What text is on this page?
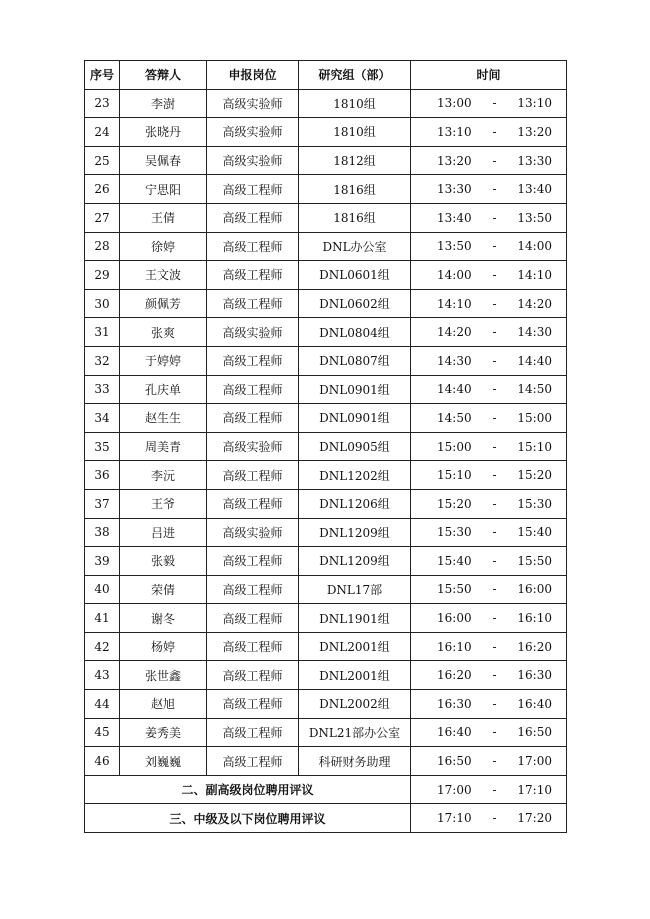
序号	答辩人	申报岗位	研究组（部）	时间
23	李澍	高级实验师	1810组	13:00 - 13:10

24	张晓丹	高级实验师	1810组	13:10 - 13:20

25	吴佩春	高级实验师	1812组	13:20 - 13:30

26	宁思阳	高级工程师	1816组	13:30 - 13:40

27	王倩	高级工程师	1816组	13:40 - 13:50

28	徐婷	高级工程师	DNL办公室	13:50 - 14:00

29	王文波	高级工程师	DNL0601组	14:00 - 14:10

30	颜佩芳	高级工程师	DNL0602组	14:10 - 14:20

31	张爽	高级实验师	DNL0804组	14:20 - 14:30

32	于婷婷	高级工程师	DNL0807组	14:30 - 14:40

33	孔庆单	高级工程师	DNL0901组	14:40 - 14:50

34	赵生生	高级工程师	DNL0901组	14:50 - 15:00

35	周美青	高级实验师	DNL0905组	15:00 - 15:10

36	李沅	高级工程师	DNL1202组	15:10 - 15:20

37	王爷	高级工程师	DNL1206组	15:20 - 15:30

38	吕进	高级实验师	DNL1209组	15:30 - 15:40

39	张毅	高级工程师	DNL1209组	15:40 - 15:50

40	荣倩	高级工程师	DNL17部	15:50 - 16:00

41	谢冬	高级工程师	DNL1901组	16:00 - 16:10

42	杨婷	高级工程师	DNL2001组	16:10 - 16:20

43	张世鑫	高级工程师	DNL2001组	16:20 - 16:30

44	赵旭	高级工程师	DNL2002组	16:30 - 16:40

45	姜秀美	高级工程师	DNL21部办公室	16:40 - 16:50

46	刘巍巍	高级工程师	科研财务助理	16:50 - 17:00

二、副高级岗位聘用评议				17:00 - 17:10

三、中级及以下岗位聘用评议				17:10 - 17:20
